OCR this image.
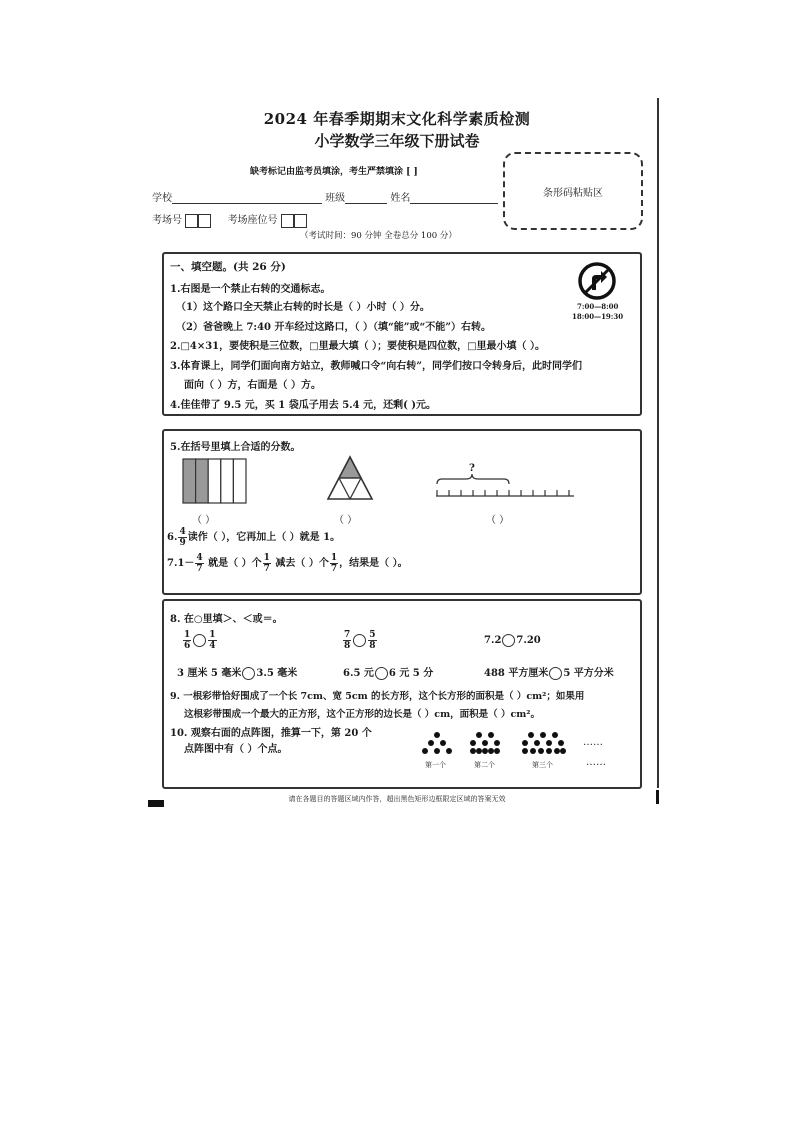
2024 年春季期期末文化科学素质检测
小学数学三年级下册试卷
缺考标记由监考员填涂，考生严禁填涂 [ ]
条形码粘贴区
学校	班级	姓名
考场号	考场座位号
（考试时间：90 分钟 全卷总分 100 分）
一、填空题。(共 26 分)
1.右图是一个禁止右转的交通标志。
（1）这个路口全天禁止右转的时长是（ ）小时（ ）分。
（2）爸爸晚上 7:40 开车经过这路口，（ ）（填“能”或“不能”）右转。
2.□4×31，要使积是三位数，□里最大填（ ）；要使积是四位数，□里最小填（ ）。
3.体育课上，同学们面向南方站立，教师喊口令“向右转”，同学们按口令转身后，此时同学们
面向（ ）方，右面是（ ）方。
4.佳佳带了 9.5 元，买 1 袋瓜子用去 5.4 元，还剩( )元。
7:00—8:00
18:00—19:30
5.在括号里填上合适的分数。
（ ）	（ ）
?
（ ）
6. $\frac{4}{9}$ 读作（ ），它再加上（ ）就是 1。
$7.1- \frac{4}{7}$ 就是（ ）个 $\frac{1}{7}$ 减去（ ）个 $\frac{1}{7}$ ，结果是（ ）。
8. 在○里填＞、＜或＝。
$\frac{1}{6} \frac{1}{4}$	$\frac{7}{8} \frac{5}{8}$	7.2 7.20
3 厘米 5 毫米 3.5 毫米	6.5 元 6 元 5 分	488 平方厘米 5 平方分米
9. 一根彩带恰好围成了一个长 7cm、宽 5cm 的长方形，这个长方形的面积是（ ）cm²；如果用
这根彩带围成一个最大的正方形，这个正方形的边长是（ ）cm，面积是（ ）cm²。
10. 观察右面的点阵图，推算一下，第 20 个
点阵图中有（ ）个点。
……
第一个	第二个	第三个	……
请在各题目的答题区域内作答，超出黑色矩形边框限定区域的答案无效
